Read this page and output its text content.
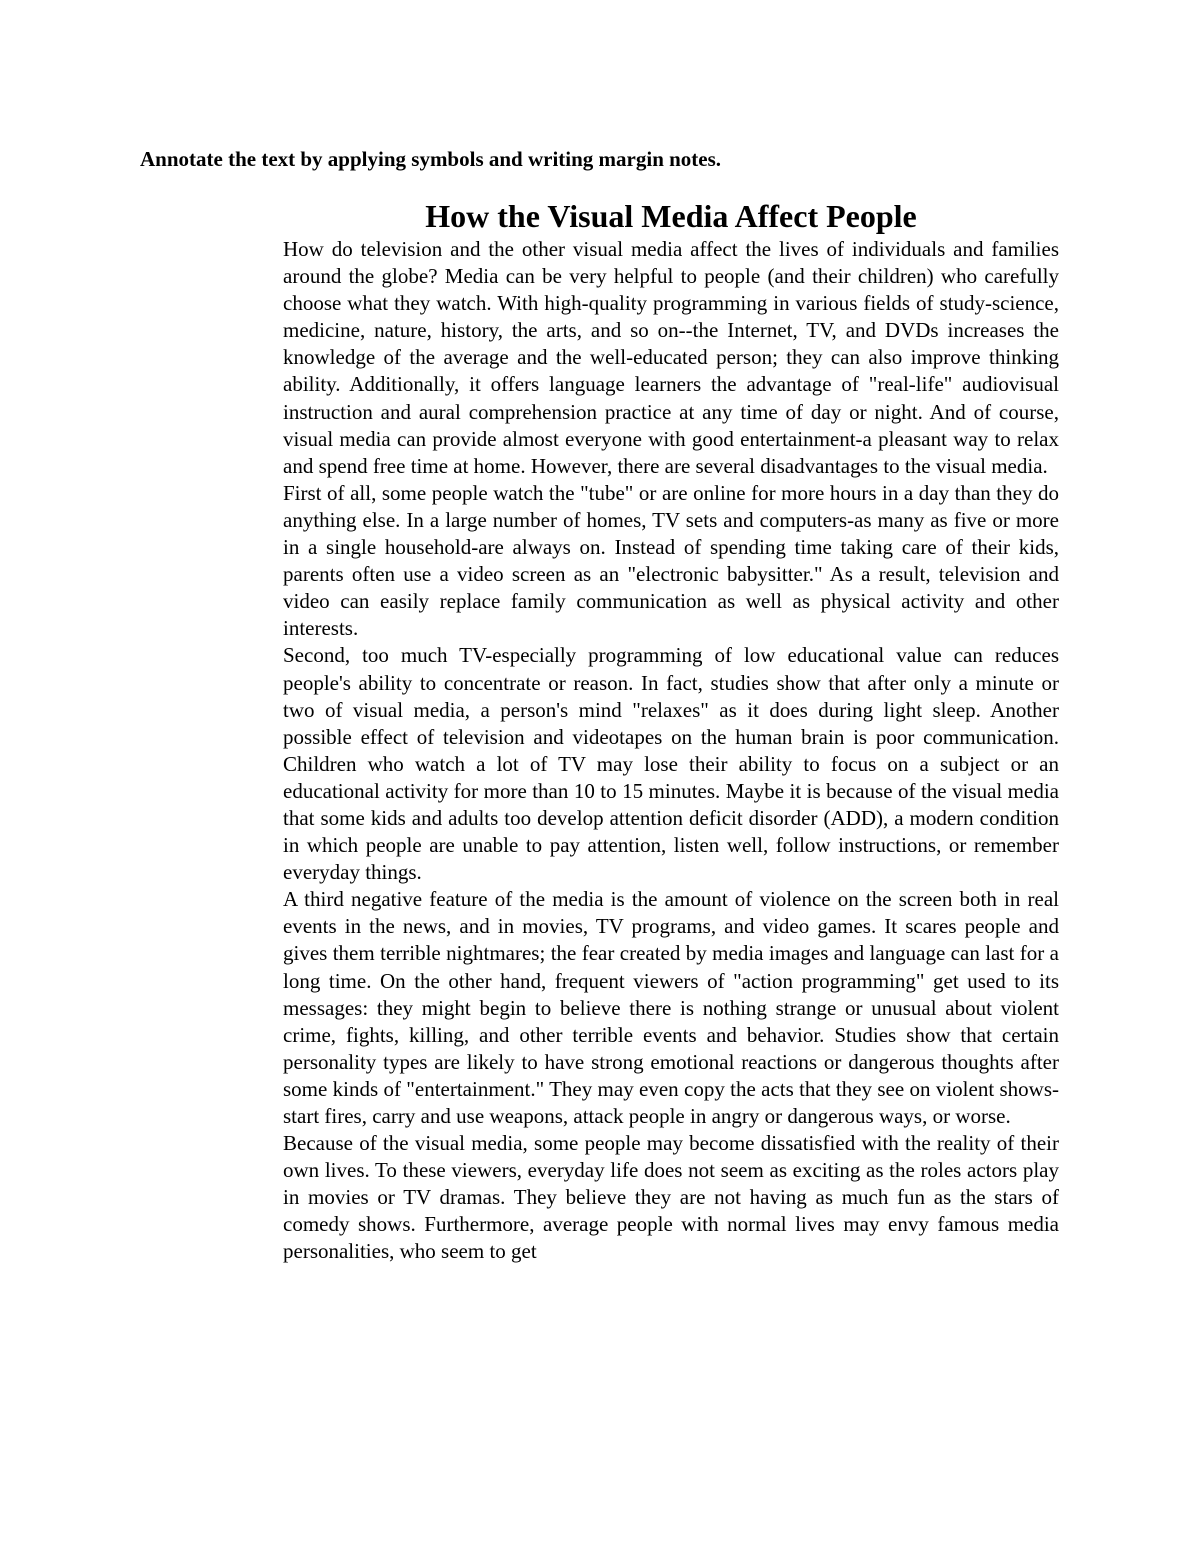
Annotate the text by applying symbols and writing margin notes.

How the Visual Media Affect People

How do television and the other visual media affect the lives of individuals and families around the globe? Media can be very helpful to people (and their children) who carefully choose what they watch. With high-quality programming in various fields of study-science, medicine, nature, history, the arts, and so on--the Internet, TV, and DVDs increases the knowledge of the average and the well-educated person; they can also improve thinking ability. Additionally, it offers language learners the advantage of "real-life" audiovisual instruction and aural comprehension practice at any time of day or night. And of course, visual media can provide almost everyone with good entertainment-a pleasant way to relax and spend free time at home. However, there are several disadvantages to the visual media.

First of all, some people watch the "tube" or are online for more hours in a day than they do anything else. In a large number of homes, TV sets and computers-as many as five or more in a single household-are always on. Instead of spending time taking care of their kids, parents often use a video screen as an "electronic babysitter." As a result, television and video can easily replace family communication as well as physical activity and other interests.

Second, too much TV-especially programming of low educational value can reduces people's ability to concentrate or reason. In fact, studies show that after only a minute or two of visual media, a person's mind "relaxes" as it does during light sleep. Another possible effect of television and videotapes on the human brain is poor communication. Children who watch a lot of TV may lose their ability to focus on a subject or an educational activity for more than 10 to 15 minutes. Maybe it is because of the visual media that some kids and adults too develop attention deficit disorder (ADD), a modern condition in which people are unable to pay attention, listen well, follow instructions, or remember everyday things.

A third negative feature of the media is the amount of violence on the screen both in real events in the news, and in movies, TV programs, and video games. It scares people and gives them terrible nightmares; the fear created by media images and language can last for a long time. On the other hand, frequent viewers of "action programming" get used to its messages: they might begin to believe there is nothing strange or unusual about violent crime, fights, killing, and other terrible events and behavior. Studies show that certain personality types are likely to have strong emotional reactions or dangerous thoughts after some kinds of "entertainment." They may even copy the acts that they see on violent shows-start fires, carry and use weapons, attack people in angry or dangerous ways, or worse.

Because of the visual media, some people may become dissatisfied with the reality of their own lives. To these viewers, everyday life does not seem as exciting as the roles actors play in movies or TV dramas. They believe they are not having as much fun as the stars of comedy shows. Furthermore, average people with normal lives may envy famous media personalities, who seem to get
